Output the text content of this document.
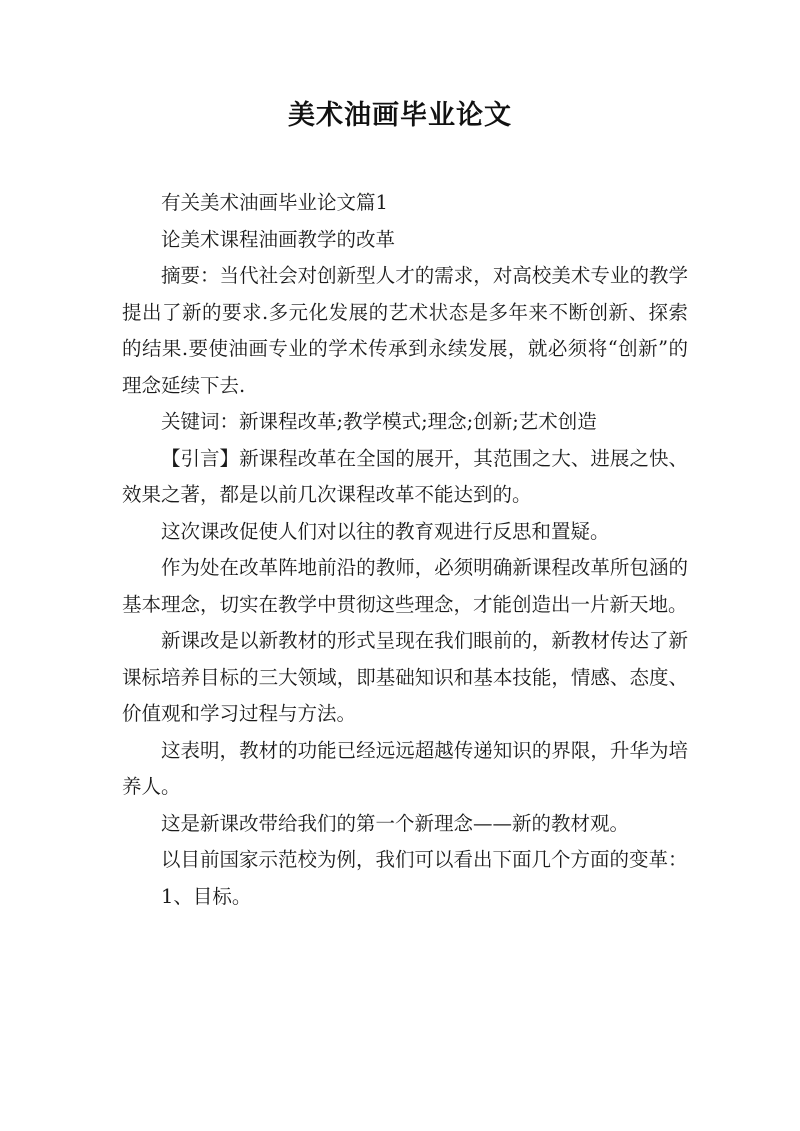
美术油画毕业论文

有关美术油画毕业论文篇1

论美术课程油画教学的改革

摘要：当代社会对创新型人才的需求，对高校美术专业的教学提出了新的要求.多元化发展的艺术状态是多年来不断创新、探索的结果.要使油画专业的学术传承到永续发展，就必须将“创新”的理念延续下去.

关键词：新课程改革;教学模式;理念;创新;艺术创造

【引言】新课程改革在全国的展开，其范围之大、进展之快、效果之著，都是以前几次课程改革不能达到的。

这次课改促使人们对以往的教育观进行反思和置疑。

作为处在改革阵地前沿的教师，必须明确新课程改革所包涵的基本理念，切实在教学中贯彻这些理念，才能创造出一片新天地。

新课改是以新教材的形式呈现在我们眼前的，新教材传达了新课标培养目标的三大领域，即基础知识和基本技能，情感、态度、价值观和学习过程与方法。

这表明，教材的功能已经远远超越传递知识的界限，升华为培养人。

这是新课改带给我们的第一个新理念——新的教材观。

以目前国家示范校为例，我们可以看出下面几个方面的变革：

1、目标。
